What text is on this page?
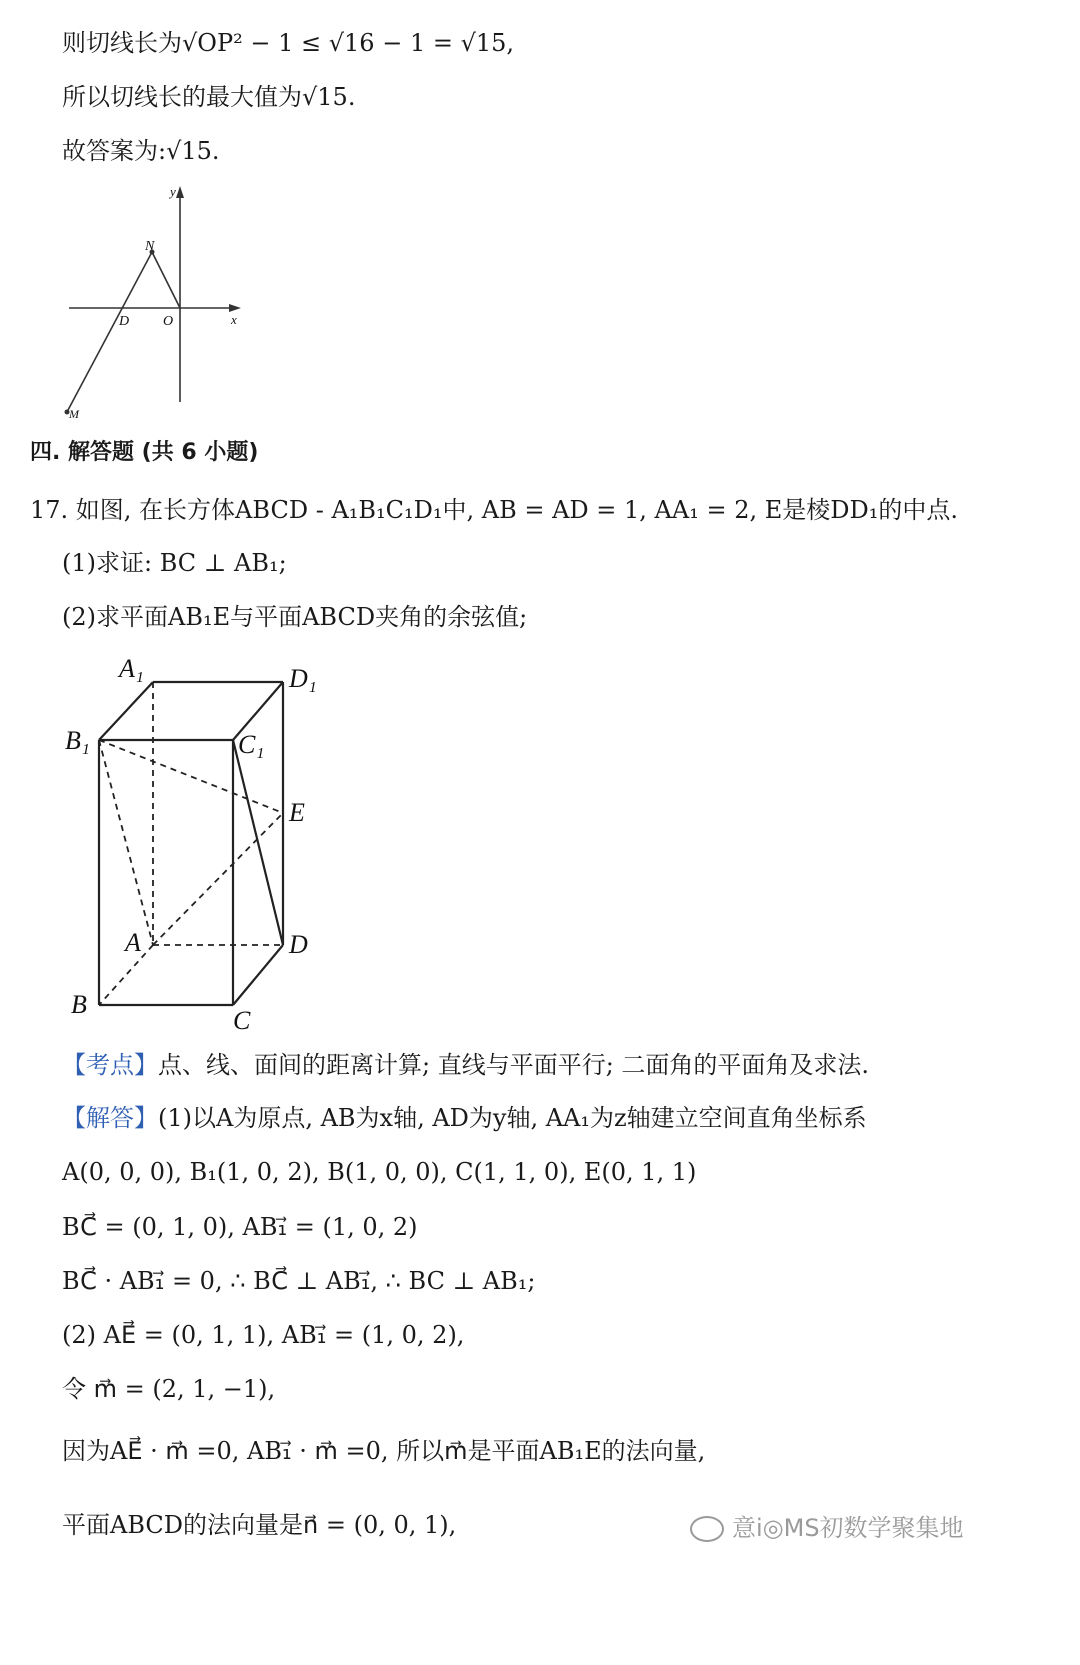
则切线长为√OP² − 1 ≤ √16 − 1 = √15,
所以切线长的最大值为√15.
故答案为:√15.
y
x
N
D O
M
四. 解答题 (共 6 小题)
17. 如图, 在长方体ABCD - A₁B₁C₁D₁中, AB = AD = 1, AA₁ = 2, E是棱DD₁的中点.
(1)求证: BC ⊥ AB₁;
(2)求平面AB₁E与平面ABCD夹角的余弦值;
A₁	D₁
B₁	C₁
E
A	D
B
C
【考点】点、线、面间的距离计算; 直线与平面平行; 二面角的平面角及求法.
【解答】(1)以A为原点, AB为x轴, AD为y轴, AA₁为z轴建立空间直角坐标系
A(0, 0, 0), B₁(1, 0, 2), B(1, 0, 0), C(1, 1, 0), E(0, 1, 1)
BC⃗ = (0, 1, 0), AB₁⃗ = (1, 0, 2)
BC⃗ · AB₁⃗ = 0, ∴ BC⃗ ⊥ AB₁⃗, ∴ BC ⊥ AB₁;
(2) AE⃗ = (0, 1, 1), AB₁⃗ = (1, 0, 2),
令 m⃗ = (2, 1, −1),
因为AE⃗ · m⃗ =0, AB₁⃗ · m⃗ =0, 所以m⃗是平面AB₁E的法向量,
平面ABCD的法向量是n⃗ = (0, 0, 1),	意ⅰ◎MS初数学聚集地
